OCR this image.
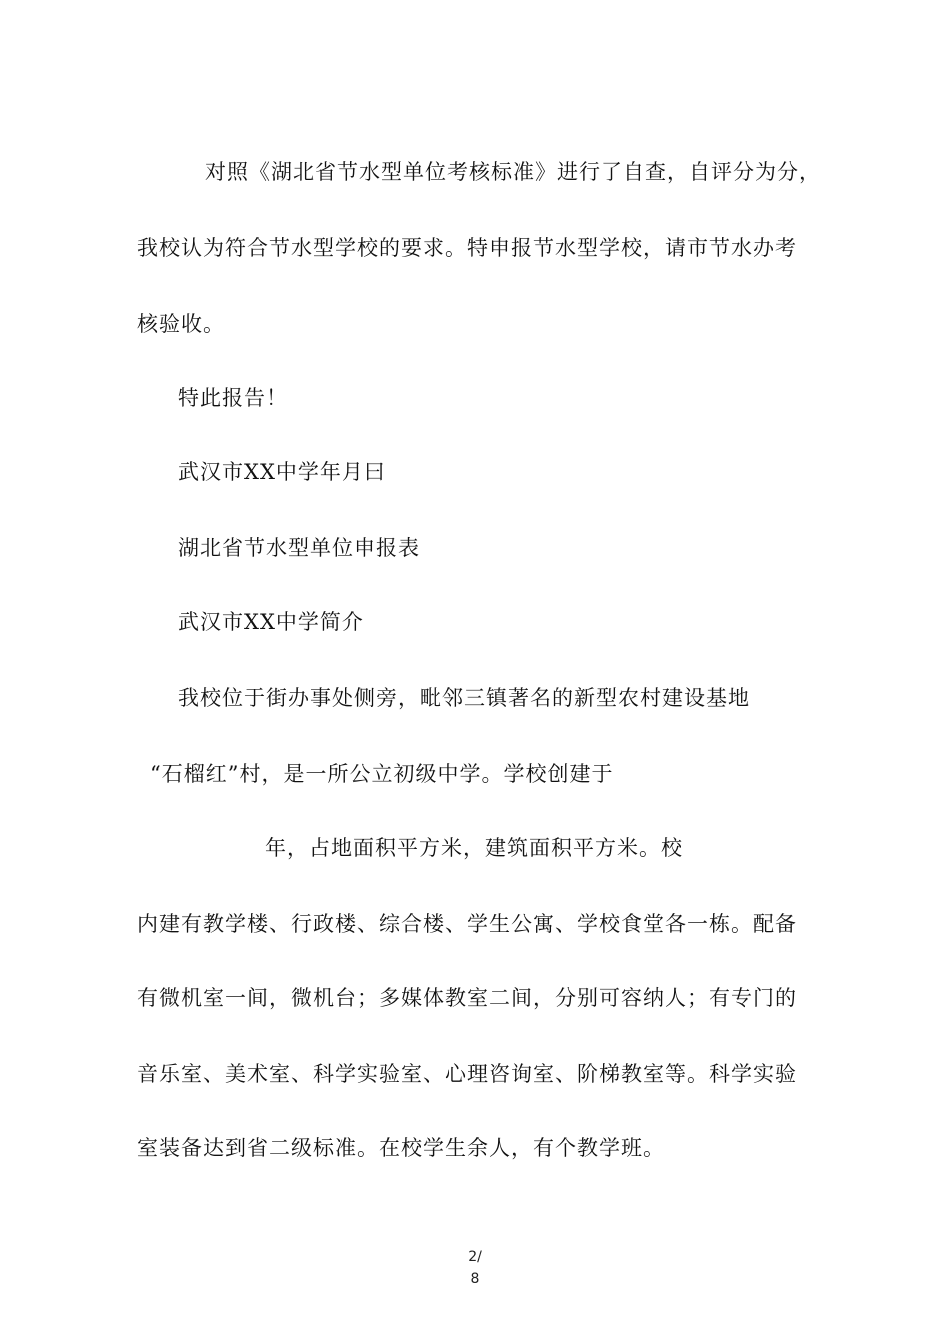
对照《湖北省节水型单位考核标准》进行了自查，自评分为分，
我校认为符合节水型学校的要求。特申报节水型学校，请市节水办考
核验收。
特此报告！
武汉市XX中学年月曰
湖北省节水型单位申报表
武汉市XX中学简介
我校位于街办事处侧旁，毗邻三镇著名的新型农村建设基地
“石榴红”村，是一所公立初级中学。学校创建于
年，占地面积平方米，建筑面积平方米。校
内建有教学楼、行政楼、综合楼、学生公寓、学校食堂各一栋。配备
有微机室一间，微机台；多媒体教室二间，分别可容纳人；有专门的
音乐室、美术室、科学实验室、心理咨询室、阶梯教室等。科学实验
室装备达到省二级标准。在校学生余人，有个教学班。
2/
8
